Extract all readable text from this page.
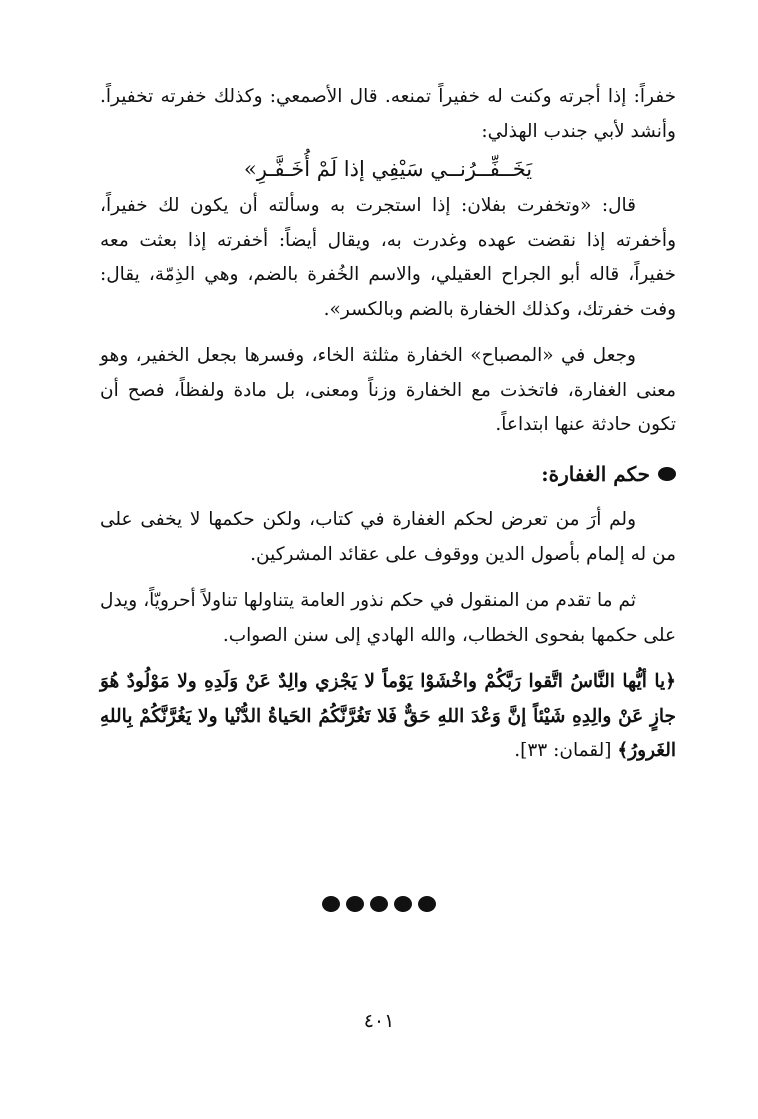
خفراً: إذا أجرته وكنت له خفيراً تمنعه. قال الأصمعي: وكذلك خفرته تخفيراً. وأنشد لأبي جندب الهذلي:

يَخَــفِّــرُنــي سَيْفِي إذا لَمْ أُخَـفَّـرِ»

قال: «وتخفرت بفلان: إذا استجرت به وسألته أن يكون لك خفيراً، وأخفرته إذا نقضت عهده وغدرت به، ويقال أيضاً: أخفرته إذا بعثت معه خفيراً، قاله أبو الجراح العقيلي، والاسم الخُفرة بالضم، وهي الذِمّة، يقال: وفت خفرتك، وكذلك الخفارة بالضم وبالكسر».

وجعل في «المصباح» الخفارة مثلثة الخاء، وفسرها بجعل الخفير، وهو معنى الغفارة، فاتخذت مع الخفارة وزناً ومعنى، بل مادة ولفظاً، فصح أن تكون حادثة عنها ابتداعاً.

حكم الغفارة:

ولم أرَ من تعرض لحكم الغفارة في كتاب، ولكن حكمها لا يخفى على من له إلمام بأصول الدين ووقوف على عقائد المشركين.

ثم ما تقدم من المنقول في حكم نذور العامة يتناولها تناولاً أحرويّاً، ويدل على حكمها بفحوى الخطاب، والله الهادي إلى سنن الصواب.

﴿يا أيُّها النَّاسُ اتَّقوا رَبَّكُمْ واخْشَوْا يَوْماً لا يَجْزي والِدٌ عَنْ وَلَدِهِ ولا مَوْلُودٌ هُوَ جازٍ عَنْ والِدِهِ شَيْئاً إنَّ وَعْدَ اللهِ حَقٌّ فَلا تَغُرَّنَّكُمُ الحَياةُ الدُّنْيا ولا يَغُرَّنَّكُمْ بِاللهِ الغَرورُ﴾ [لقمان: ٣٣].

٤٠١
